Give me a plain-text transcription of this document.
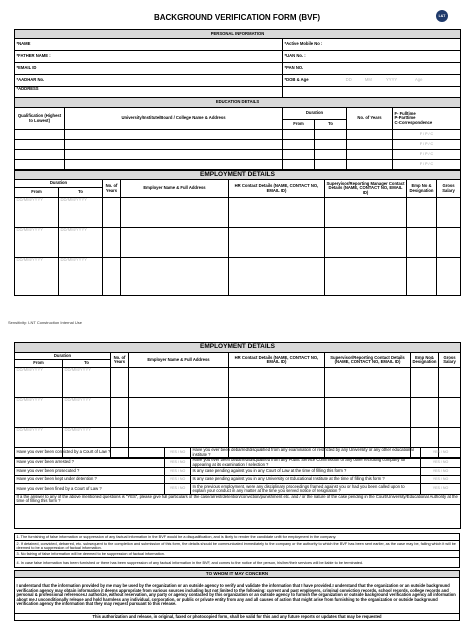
BACKGROUND VERIFICATION FORM (BVF)	L&T
PERSONAL INFORMATION	
*NAME	*Active Mobile No :
*FATHER NAME :	*UAN No. :
*EMAIL ID	*PAN NO.
*AADHAR No.	*DOB & Age DD MM YYYY Age
*ADDRESS	
EDUCATION DETAILS					
Qualification (Highest to Lowest)	University/Institute/Board / College Name & Address	Duration		No. of Years	F- Fulltime
P-Parttime
C-Correspondence

		From	To		
					F / P / C
					F / P / C
					F / P / C
					F / P / C
EMPLOYMENT DETAILS							
Duration		No. of Years	Employer Name & Full Address	HR Contact Details (NAME, CONTACT NO, EMAIL ID)	Supervisor/Reporting Manager Contact Details (NAME, CONTACT NO, EMAIL ID)	Emp No & Designation	Gross Salary
From	To						
DD/MM/YYYY	DD/MM/YYYY						
DD/MM/YYYY	DD/MM/YYYY						
DD/MM/YYYY	DD/MM/YYYY						
Sensitivity: LNT Construction Internal Use
EMPLOYMENT DETAILS							
Duration		No. of Years	Employer Name & Full Address	HR Contact Details (NAME, CONTACT NO, EMAIL ID)	Supervisor/Reporting Contact Details (NAME, CONTACT NO, EMAIL ID)	Emp No& Designation	Gross Salary
From	To						
DD/MM/YYYY	DD/MM/YYYY						
DD/MM/YYYY	DD/MM/YYYY						
DD/MM/YYYY	DD/MM/YYYY						
Have you ever been convicted by a Court of Law ?	YES / NO	Have you ever been debarred/disqualified from any examination or restricted by any University or any other educational institute ?	YES / NO
Have you ever been arrested ?	YES / NO	Have you ever been debarred/disqualified from any Public Service Commission or any other recruiting company for appearing at its examination / selection ?	YES / NO
Have you ever been prosecuted ?	YES / NO	Is any case pending against you in any Court of Law at the time of filling this form ?	YES / NO
Have you ever been kept under detention ?	YES / NO	Is any case pending against you in any University or Educational Institute at the time of filling this form ?	YES / NO
Have you ever been fined by a Court of Law ?	YES / NO	In the previous employment, were any disciplinary proceedings framed against you or had you been called upon to explain your conduct in any matter at the time you served notice of resignation ?	YES / NO
If a the answer to any of the above mentioned questions is "YES", please give full particulars of the case/arrest/detention/conviction/punishment etc. and / or the nature of the case pending in the Court/University/Educational Authority at the time of filling this form ?			

1. The furnishing of false information or suppression of any factual information in the BVF would be a disqualification, and is likely to render the candidate unfit for employment in the company.
2. If detained, convicted, debarred, etc. subsequent to the completion and submission of this form, the details should be communicated immediately to the company or the authority to which the BVF has been sent earlier, as the case may be, failing which it will be deemed to be a suppression of factual information.
3. No fairing of false information will be deemed to be suppression of factual information.
4. In case false information has been furnished or there has been suppression of any factual information in the BVF, and comes to the notice of the person, his/her/their services will be liable to be terminated.
TO WHOM IT MAY CONCERN
I understand that the information provided by me may be used by the organization or an outside agency to verify and validate the information that I have provided.I understand that the organization or an outside background verification agency may obtain information it deems appropriate from various sources including but not limited to the following: current and past employers, criminal conviction records, school records, college records and personal & professional references.I authorize, without reservation, any party or agency contacted by this organization or an outside agency to furnish the organization or outside background verification agency all information about me.I unconditionally release and hold harmless any individual, corporation, or public or private entity from any and all causes of action that might arise from furnishing to the organization or outside background verification agency the information that they may request pursuant to this release.
This authorization and release, in original, faxed or photocopied form, shall be valid for this and any future reports or updates that may be requested
